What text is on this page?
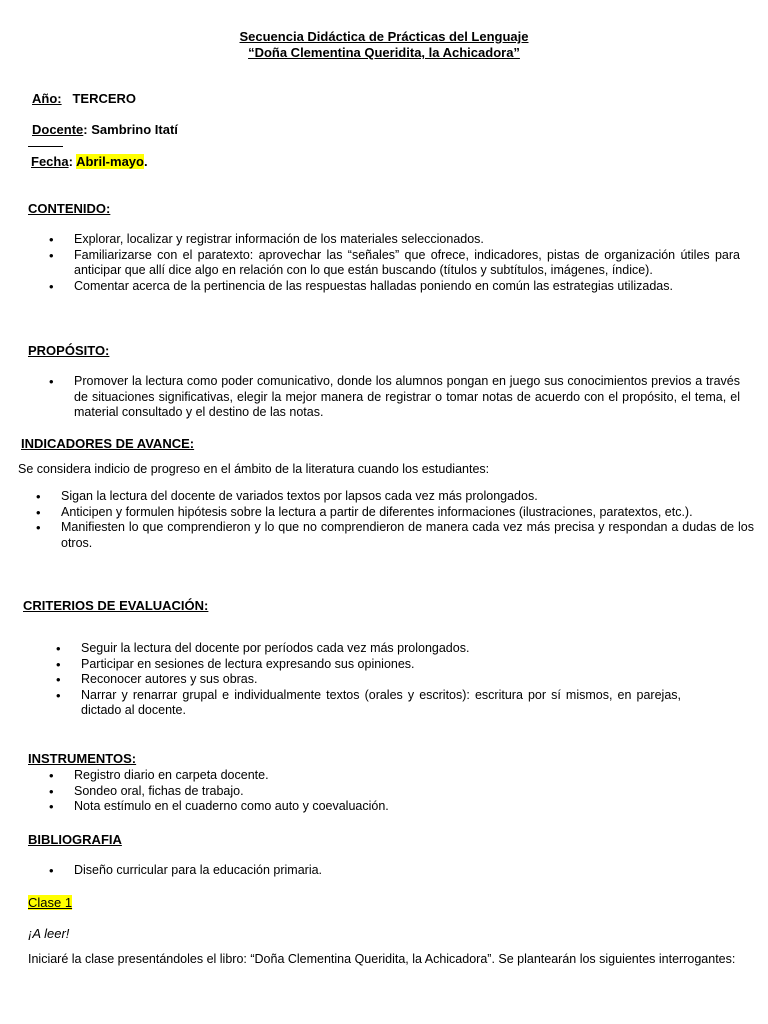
Secuencia Didáctica de Prácticas del Lenguaje
“Doña Clementina Queridita, la Achicadora”
Año: TERCERO
Docente: Sambrino Itatí
Fecha: Abril-mayo.
CONTENIDO:
• Explorar, localizar y registrar información de los materiales seleccionados.
• Familiarizarse con el paratexto: aprovechar las “señales” que ofrece, indicadores, pistas de organización útiles para anticipar que allí dice algo en relación con lo que están buscando (títulos y subtítulos, imágenes, índice).
• Comentar acerca de la pertinencia de las respuestas halladas poniendo en común las estrategias utilizadas.
PROPÓSITO:
• Promover la lectura como poder comunicativo, donde los alumnos pongan en juego sus conocimientos previos a través de situaciones significativas, elegir la mejor manera de registrar o tomar notas de acuerdo con el propósito, el tema, el material consultado y el destino de las notas.
INDICADORES DE AVANCE:
Se considera indicio de progreso en el ámbito de la literatura cuando los estudiantes:
• Sigan la lectura del docente de variados textos por lapsos cada vez más prolongados.
• Anticipen y formulen hipótesis sobre la lectura a partir de diferentes informaciones (ilustraciones, paratextos, etc.).
• Manifiesten lo que comprendieron y lo que no comprendieron de manera cada vez más precisa y respondan a dudas de los otros.
CRITERIOS DE EVALUACIÓN:
• Seguir la lectura del docente por períodos cada vez más prolongados.
• Participar en sesiones de lectura expresando sus opiniones.
• Reconocer autores y sus obras.
• Narrar y renarrar grupal e individualmente textos (orales y escritos): escritura por sí mismos, en parejas, dictado al docente.
INSTRUMENTOS:
• Registro diario en carpeta docente.
• Sondeo oral, fichas de trabajo.
• Nota estímulo en el cuaderno como auto y coevaluación.
BIBLIOGRAFIA
• Diseño curricular para la educación primaria.
Clase 1
¡A leer!
Iniciaré la clase presentándoles el libro: “Doña Clementina Queridita, la Achicadora”. Se plantearán los siguientes interrogantes:
